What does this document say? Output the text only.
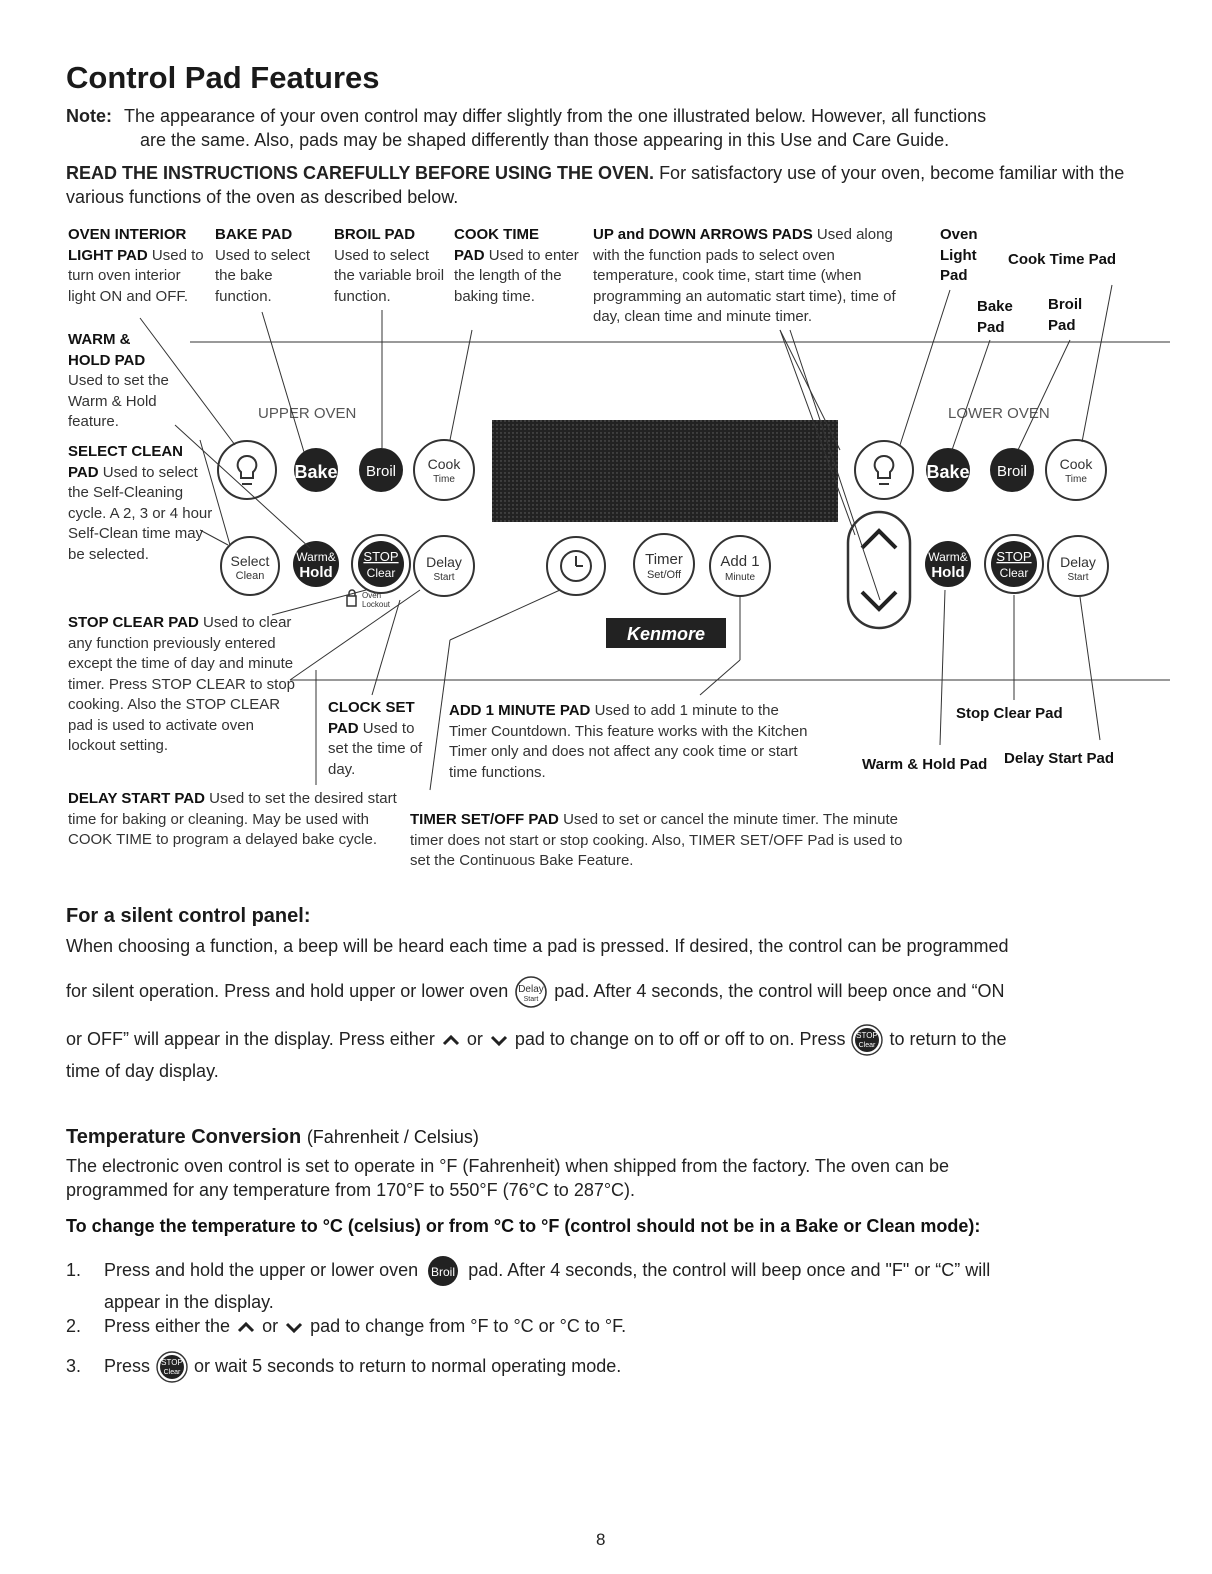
Control Pad Features
Note: The appearance of your oven control may differ slightly from the one illustrated below. However, all functions
are the same. Also, pads may be shaped differently than those appearing in this Use and Care Guide.
READ THE INSTRUCTIONS CAREFULLY BEFORE USING THE OVEN. For satisfactory use of your oven, become familiar with the various functions of the oven as described below.
OVEN INTERIOR
LIGHT PAD Used to turn oven interior light ON and OFF.
BAKE PAD
Used to select the bake function.
BROIL PAD
Used to select the variable broil function.
COOK TIME
PAD Used to enter the length of the baking time.
UP and DOWN ARROWS PADS Used along with the function pads to select oven temperature, cook time, start time (when programming an automatic start time), time of day, clean time and minute timer.
WARM &
HOLD PAD
Used to set the Warm & Hold feature.
SELECT CLEAN
PAD Used to select the Self-Cleaning cycle. A 2, 3 or 4 hour Self-Clean time may be selected.
STOP CLEAR PAD Used to clear any function previously entered except the time of day and minute timer. Press STOP CLEAR to stop cooking. Also the STOP CLEAR pad is used to activate oven lockout setting.
CLOCK SET
PAD Used to set the time of day.
ADD 1 MINUTE PAD Used to add 1 minute to the Timer Countdown. This feature works with the Kitchen Timer only and does not affect any cook time or start time functions.
DELAY START PAD Used to set the desired start time for baking or cleaning. May be used with COOK TIME to program a delayed bake cycle.
TIMER SET/OFF PAD Used to set or cancel the minute timer. The minute timer does not start or stop cooking. Also, TIMER SET/OFF Pad is used to set the Continuous Bake Feature.
Oven Light Pad
Cook Time Pad
Bake Pad
Broil Pad
Stop Clear Pad
Warm & Hold Pad	Delay Start Pad
UPPER OVEN	LOWER OVEN
Bake Broil Cook
Time
Select
Clean
Warm&
Hold
STOP
Clear
Delay
Start
Oven
Lockout
Timer
Set/Off
Add 1
Minute
Kenmore
Bake Broil Cook
Time
Warm&
Hold
STOP
Clear
Delay
Start
For a silent control panel:
When choosing a function, a beep will be heard each time a pad is pressed. If desired, the control can be programmed
for silent operation. Press and hold upper or lower oven Delay
Start pad. After 4 seconds, the control will beep once and “ON
or OFF” will appear in the display. Press either or pad to change on to off or off to on. Press STOP
Clear to return to the
time of day display.
Temperature Conversion (Fahrenheit / Celsius)
The electronic oven control is set to operate in °F (Fahrenheit) when shipped from the factory. The oven can be
programmed for any temperature from 170°F to 550°F (76°C to 287°C).
To change the temperature to °C (celsius) or from °C to °F (control should not be in a Bake or Clean mode):
1. Press and hold the upper or lower oven Broil pad. After 4 seconds, the control will beep once and "F" or “C” will
appear in the display.
2. Press either the or pad to change from °F to °C or °C to °F.
3. Press STOP
Clear or wait 5 seconds to return to normal operating mode.
8
